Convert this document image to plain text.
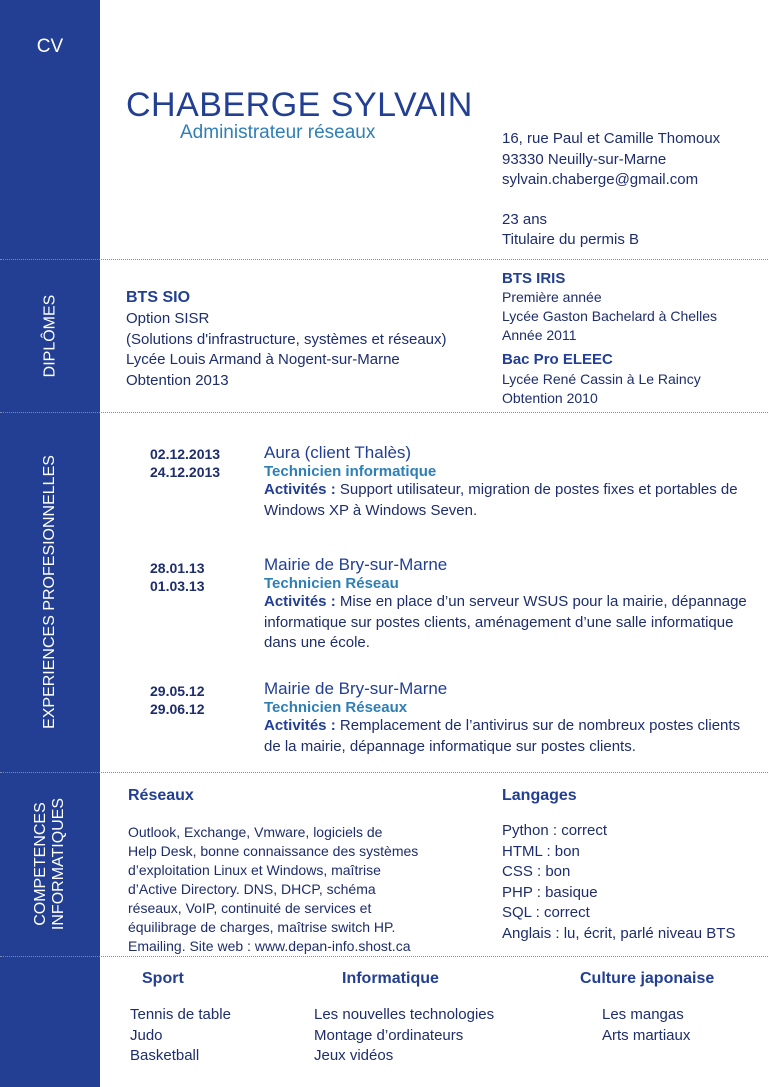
CV
DIPLÔMES
EXPERIENCES PROFESIONNELLES
COMPETENCES INFORMATIQUES
CHABERGE SYLVAIN
Administrateur réseaux	16, rue Paul et Camille Thomoux
93330 Neuilly-sur-Marne
sylvain.chaberge@gmail.com
23 ans
Titulaire du permis B
BTS SIO
Option SISR
(Solutions d'infrastructure, systèmes et réseaux)
Lycée Louis Armand à Nogent-sur-Marne
Obtention 2013
BTS IRIS
Première année
Lycée Gaston Bachelard à Chelles
Année 2011
Bac Pro ELEEC
Lycée René Cassin à Le Raincy
Obtention 2010
02.12.2013
24.12.2013
Aura (client Thalès)
Technicien informatique
Activités : Support utilisateur, migration de postes fixes et portables de Windows XP à Windows Seven.
28.01.13
01.03.13
Mairie de Bry-sur-Marne
Technicien Réseau
Activités : Mise en place d’un serveur WSUS pour la mairie, dépannage informatique sur postes clients, aménagement d’une salle informatique dans une école.
29.05.12
29.06.12
Mairie de Bry-sur-Marne
Technicien Réseaux
Activités : Remplacement de l’antivirus sur de nombreux postes clients de la mairie, dépannage informatique sur postes clients.
Réseaux
Outlook, Exchange, Vmware, logiciels de
Help Desk, bonne connaissance des systèmes
d’exploitation Linux et Windows, maîtrise
d’Active Directory. DNS, DHCP, schéma
réseaux, VoIP, continuité de services et
équilibrage de charges, maîtrise switch HP.
Emailing. Site web : www.depan-info.shost.ca
Langages
Python : correct
HTML : bon
CSS : bon
PHP : basique
SQL : correct
Anglais : lu, écrit, parlé niveau BTS
Sport
Tennis de table
Judo
Basketball
Informatique
Les nouvelles technologies
Montage d’ordinateurs
Jeux vidéos
Culture japonaise
Les mangas
Arts martiaux
